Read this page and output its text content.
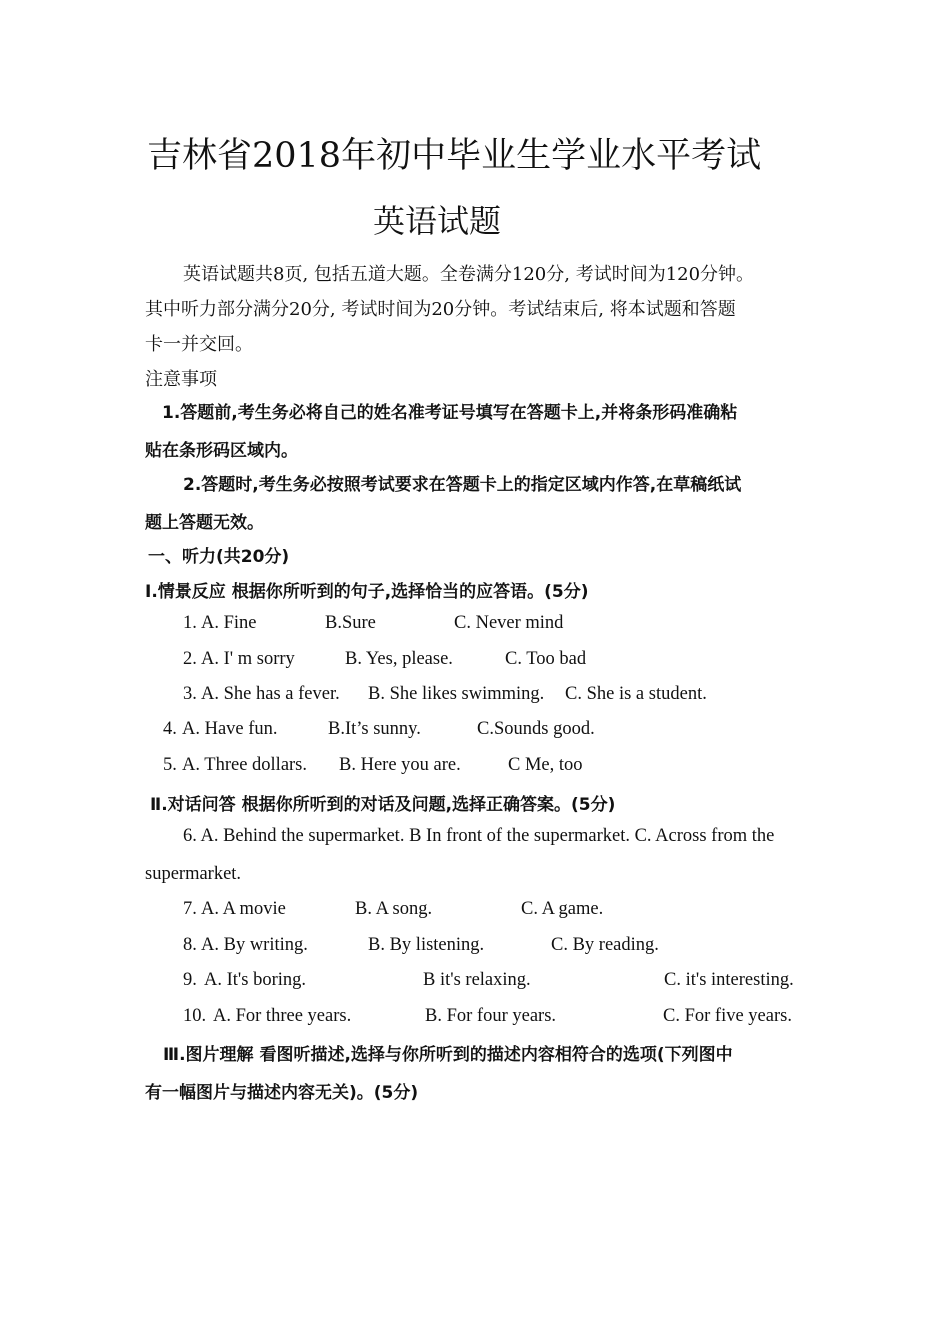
吉林省2018年初中毕业生学业水平考试
英语试题
英语试题共8页, 包括五道大题。全卷满分120分, 考试时间为120分钟。
其中听力部分满分20分, 考试时间为20分钟。考试结束后, 将本试题和答题
卡一并交回。
注意事项
1.答题前,考生务必将自己的姓名准考证号填写在答题卡上,并将条形码准确粘
贴在条形码区域内。
2.答题时,考生务必按照考试要求在答题卡上的指定区域内作答,在草稿纸试
题上答题无效。
一、听力(共20分)
I.情景反应 根据你所听到的句子,选择恰当的应答语。(5分)
1. A. Fine	B.Sure	C. Never mind
2. A. I' m sorry	B. Yes, please.	C. Too bad
3. A. She has a fever. B. She likes swimming. C. She is a student.
4. A. Have fun.	B.It’s sunny.	C.Sounds good.
5. A. Three dollars. B. Here you are.	C Me, too
Ⅱ.对话问答 根据你所听到的对话及问题,选择正确答案。(5分)
6. A. Behind the supermarket. B In front of the supermarket. C. Across from the
supermarket.
7. A. A movie	B. A song.	C. A game.
8. A. By writing.	B. By listening.	C. By reading.
9. A. It's boring.	B it's relaxing.	C. it's interesting.
10. A. For three years.	B. For four years.	C. For five years.
Ⅲ.图片理解 看图听描述,选择与你所听到的描述内容相符合的选项(下列图中
有一幅图片与描述内容无关)。(5分)
